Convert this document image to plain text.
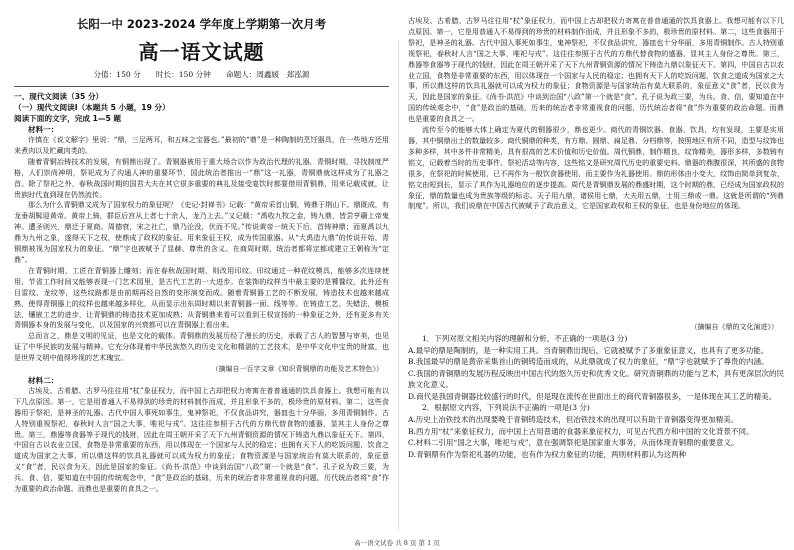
长阳一中 2023-2024 学年度上学期第一次月考
高一语文试题
分值：150 分　　时长：150 分钟　　命题人：周鑫媛　郑泓源

一、现代文阅读（35 分）

（一）现代文阅读Ⅰ（本题共 5 小题，19 分）

阅读下面的文字，完成 1—5 题

材料一：

许慎在《说文解字》里说：“鼎，三足两耳，和五味之宝器也。”最初的“鼎”是一种陶制的烹饪器具，在一些地方还用来煮肉以及贮藏肉类的。

随着青铜冶铸技术的发展，有铜鼎出现了。青铜器被用于重大场合以作为政治代理的礼器，青铜时期，寻找制度严格，人们崇尚神明，祭祀成为了沟通人神的重要环节，国此统治者推出一“鼎”这一礼器，青铜鼎就这样成为了礼器之首。除了祭祀之外，春秋战国时期的国君大夫在其它很多重要的典礼及接受宴饮时都要借用青铜鼎，用来记载成就，让贵族时代直到现在仍然流传。

那么为什么青铜鼎又成为了国家权力的象征呢？《史记·封禅书》记载：“黄帝采首山铜，铸鼎于荆山下。鼎既成，有龙垂胡髯迎黄帝。黄帝上骑，群臣后宫从上者七十余人，龙乃上去。”又记载：“禹收九牧之金，铸九鼎，皆尝亨鬺上帝鬼神。遭圣则兴，鼎迁于夏商。周德衰，宋之社亡，鼎乃沦没，伏而不见。”传说黄帝一统天下后，首铸神鼎；而夏禹以九鼎为九州之象，遂得天下之权，使鼎成了政权的象征。用来象征王权，成为传国重器。从“大禹造九鼎”的传说开始，青铜鼎被视为国家权力的象征。“鼎”字也被赋予了显赫、尊贵的含义。在商周时期，统治者都将定都或建立王朝称为“定鼎”。

在青铜时期，工匠在青铜器上雕刻；而在春秋战国时期，则改用印纹。印纹通过一种花纹模具，能够多次连续使用，节省工作时间又能够表现一门艺术园里，是古代工艺的一大进步。在装饰的纹样当中最主要的是饕餮纹，此外还有目雷纹、龙纹等，这些纹路都是由前期再经自然的变形演变而成。随着青铜器工艺的不断发展，铸造技术也越来越成熟，使得青铜器上的纹样也越来越多样化，从而显示出东周时期以来青铜器一面、线等等。在铸造工艺，失蜡法，模板法，镶嵌工艺的进步，让青铜鼎的铸造技术更加成熟；从青铜鼎来看可以看到王权宣扬的一种象征之外，还有更多有关青铜器本身的发展与变化，以及国家的兴衰都可以在青铜器上看出来。

总而言之，鼎是文明的见证，也是文化的载体。青铜鼎的发展历经了漫长的历史，承载了古人的智慧与审美，也见证了中华民族的发展与精神。它充分体现着中华民族悠久的历史文化和精湛的工艺技术，是中华文化中宝贵的财富，也是世界文明中值得珍视的艺术瑰宝。

（摘编自一百字文章《知识青铜鼎的功能及艺术特色》）

材料二：

古埃及、古希腊、古罗马往往用“杖”象征权力，而中国上古却把权力寄寓在普普通通的饮具食器上。我想可能有以下几点原因。第一，它是用普通人不易得到的珍贵的材料制作而成，并且形象不多的，极珍贵的原材料。第二，这些食器用于祭祀，是神圣的礼器。古代中国人事死如事生，鬼神祭祀，不仅食品讲究，器皿也十分华丽，多用青铜制作。古人特别重视祭祀，春秋时人言“国之大事，唯祀与戎”。这往往参照于古代的方鼎代替食物的盛器，显其主人身份之尊贵。第三，鼎器等食器等于现代的钱财，因此在周王朝开采了天下九州青铜资源的情况下铸造九鼎以象征天下。第四，中国自古以农业立国，食物是非常重要的东西，用以体现在一个国家与人民的稳定；也拥有天下人的吃饭问题，饮食之道成为国家之大事，所以鼎这样的饮具礼器就可以成为权力的象征；食物资源是与国家统治有莫大联系的，象征意义“食”者，民以食为天，因此是国家的象征。《尚书·洪范》中谈到治国“八政”第一个就是“食”。孔子说为政三要，为兵、食、信，要知道在中国的传统观念中，“食”是政治的基础，历来的统治者非常重视食的问题，历代统治者将“食”作为重要的政治命题。而鼎也是重要的食具之一。

古埃及、古希腊、古罗马往往用“杖”象征权力，而中国上古却把权力寄寓在普普通通的饮具食器上。我想可能有以下几点原因。第一，它是用普通人不易得到的珍贵的材料制作而成，并且形象不多的，极珍贵的原材料。第二，这些食器用于祭祀，是神圣的礼器。古代中国人事死如事生，鬼神祭祀，不仅食品讲究，器皿也十分华丽，多用青铜制作。古人特别重视祭祀，春秋时人言“国之大事，唯祀与戎”。这往往参照于古代的方鼎代替食物的盛器，显其主人身份之尊贵。第三，鼎器等食器等于现代的钱财，因此在周王朝开采了天下九州青铜资源的情况下铸造九鼎以象征天下。第四，中国自古以农业立国，食物是非常重要的东西，用以体现在一个国家与人民的稳定；也拥有天下人的吃饭问题，饮食之道成为国家之大事，所以鼎这样的饮具礼器就可以成为权力的象征；食物资源是与国家统治有莫大联系的，象征意义“食”者，民以食为天，因此是国家的象征。《尚书·洪范》中谈到治国“八政”第一个就是“食”。孔子说为政三要，为兵、食、信，要知道在中国的传统观念中，“食”是政治的基础，历来的统治者非常重视食的问题，历代统治者将“食”作为重要的政治命题。而鼎也是重要的食具之一。

流传至今的能够大体上确定为夏代的铜器很少，鼎也更少。商代的青铜饮器、食器、饮具，均有发现，主要是实用器，其中铜鼎出土的数量较多。商代铜鼎的种类，有方鼎、圆鼎、扁足鼎、分档鼎等，按照地区有所不同，造型与纹饰也多种多样，其中多件非常精美，具有很高的艺术价值和历史价值。周代铜鼎，制作精良，纹饰精美，器形多样，多数铸有铭文，记载着当时的历史事件、祭祀活动等内容，这些铭文是研究周代历史的重要史料。鼎器的鼎腹很深，其所盛的食物很多，在祭祀的时候使用，已不再作为一般饮食器使用，而主要作为礼器使用。鼎的形体由小变大，纹饰由简单到复杂，铭文由短到长，显示了其作为礼器地位的逐步提高。周代是青铜鼎发展的鼎盛时期，这个时期的鼎，已经成为国家政权的象征，鼎的数量也成为贵族等级的标志。天子用九鼎，诸侯用七鼎，大夫用五鼎，士用三鼎或一鼎。这就是所谓的“列鼎制度”。所以，我们说鼎在中国古代被赋予了政治意义，它是国家政权和王权的象征，也是身份地位的体现。

（摘编自《鼎的文化演进》）

1．下列对原文相关内容的理解和分析，不正确的一项是(3 分)

A.最早的鼎是陶制的，是一种实用工具。当青铜鼎出现后，它就被赋予了多重象征意义，也具有了更多功能。

B.我国最早的鼎是黄帝采集首山的铜铸造而成的，从此鼎就成了权力的象征，“鼎”字也就赋予了尊贵的内涵。

C.我国的青铜鼎的发展历程反映出中国古代的悠久历史和优秀文化。研究青铜鼎的功能与艺术，具有更深层次的民族文化意义。

D.商代是我国青铜器比较盛行的时代，但是现在流传在世面出土的商代青铜器很多，一是体现在其工艺的精美。

2．根据原文内容，下列说法不正确的一项是(3 分)

A.历史上冶铁技术的出现要晚于青铜铸造技术，但冶铁技术的出现可以有助于青铜器变得更加精美。

B.西方用“杖”来象征权力，而中国上古用普通的食器来象征权力，可见古代西方和中国的文化背景不同。

C.材料二引用“国之大事，唯祀与戎”，意在强调祭祀是国家重大事务，从而体现青铜鼎的重要意义。

D.青铜鼎有作为祭祀礼器的功能，也有作为权力象征的功能，两则材料都认为这两种

高一语文试卷 共 8 页 第 1 页
